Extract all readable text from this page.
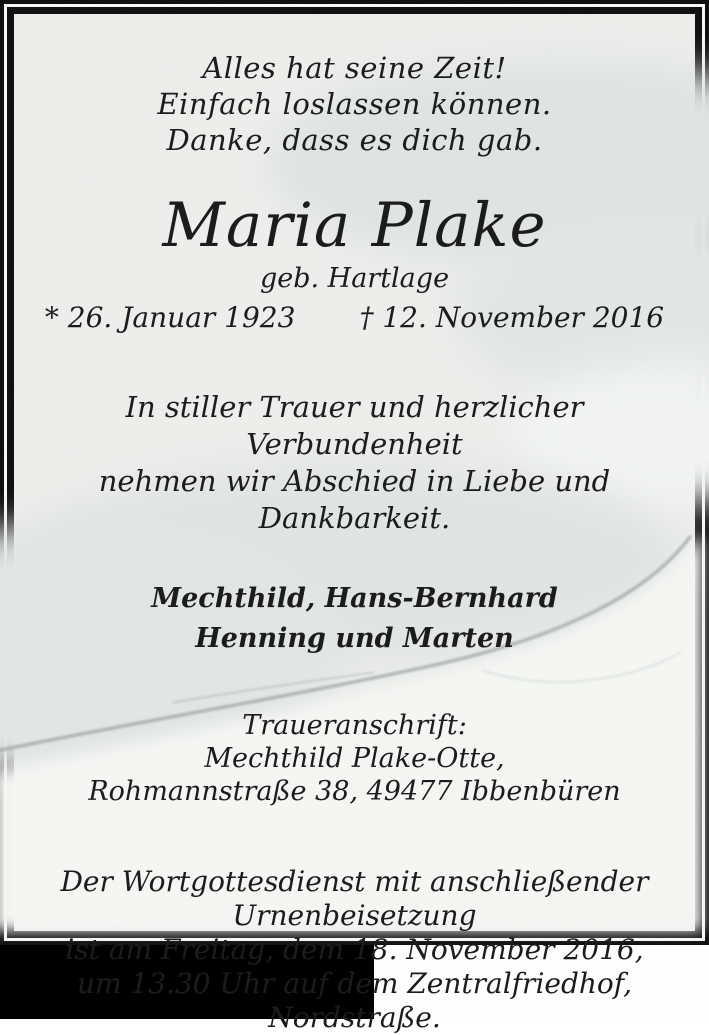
Alles hat seine Zeit!
Einfach loslassen können.
Danke, dass es dich gab.
Maria Plake
geb. Hartlage
* 26. Januar 1923 † 12. November 2016
In stiller Trauer und herzlicher Verbundenheit
nehmen wir Abschied in Liebe und Dankbarkeit.
Mechthild, Hans-Bernhard
Henning und Marten
Traueranschrift:
Mechthild Plake-Otte,
Rohmannstraße 38, 49477 Ibbenbüren
Der Wortgottesdienst mit anschließender Urnenbeisetzung
ist am Freitag, dem 18. November 2016,
um 13.30 Uhr auf dem Zentralfriedhof, Nordstraße.
